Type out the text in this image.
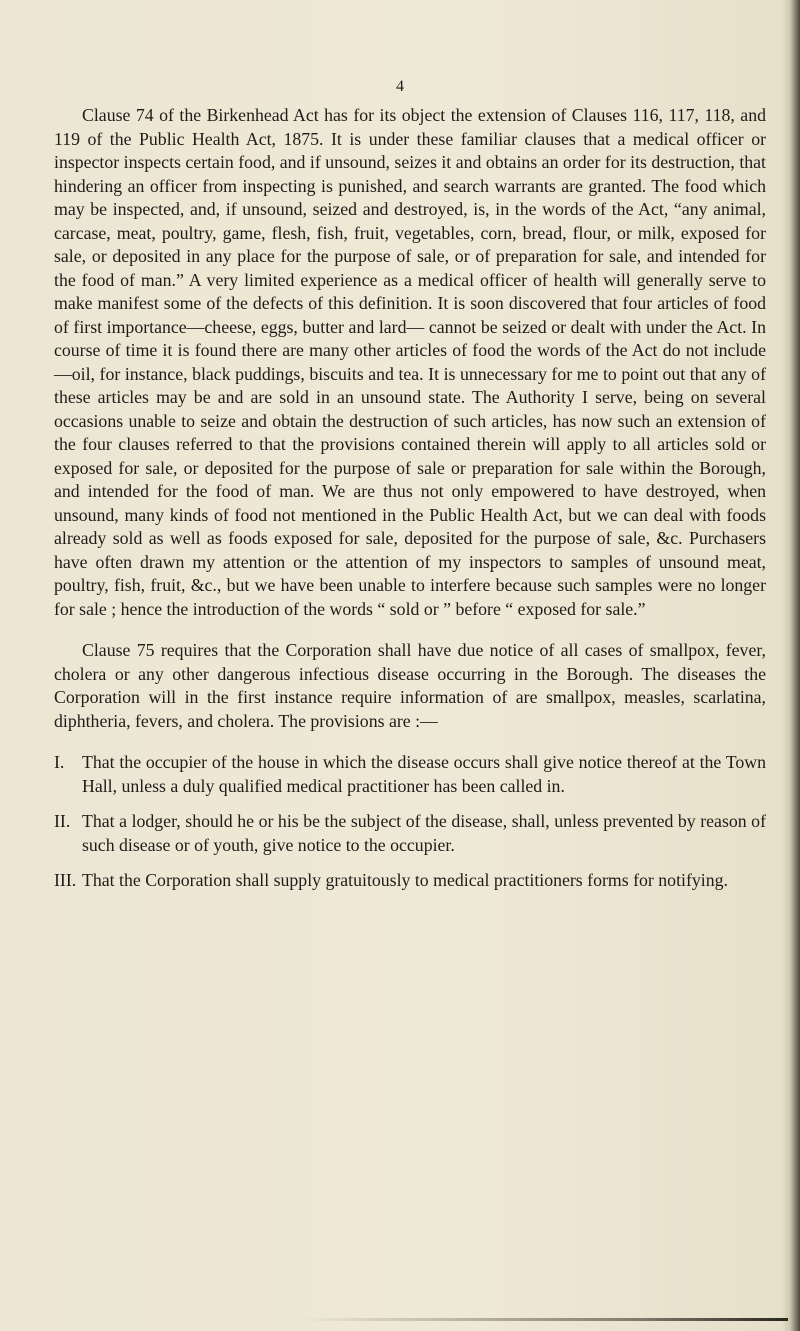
4

Clause 74 of the Birkenhead Act has for its object the extension of Clauses 116, 117, 118, and 119 of the Public Health Act, 1875. It is under these familiar clauses that a medical officer or inspector inspects certain food, and if unsound, seizes it and obtains an order for its destruction, that hindering an officer from inspecting is punished, and search warrants are granted. The food which may be inspected, and, if unsound, seized and destroyed, is, in the words of the Act, “any animal, carcase, meat, poultry, game, flesh, fish, fruit, vegetables, corn, bread, flour, or milk, exposed for sale, or deposited in any place for the purpose of sale, or of preparation for sale, and intended for the food of man.” A very limited experience as a medical officer of health will generally serve to make manifest some of the defects of this definition. It is soon discovered that four articles of food of first importance—cheese, eggs, butter and lard— cannot be seized or dealt with under the Act. In course of time it is found there are many other articles of food the words of the Act do not include—oil, for instance, black puddings, biscuits and tea. It is unnecessary for me to point out that any of these articles may be and are sold in an unsound state. The Authority I serve, being on several occasions unable to seize and obtain the destruction of such articles, has now such an extension of the four clauses referred to that the provisions contained therein will apply to all articles sold or exposed for sale, or deposited for the purpose of sale or preparation for sale within the Borough, and intended for the food of man. We are thus not only empowered to have destroyed, when unsound, many kinds of food not mentioned in the Public Health Act, but we can deal with foods already sold as well as foods exposed for sale, deposited for the purpose of sale, &c. Purchasers have often drawn my attention or the attention of my inspectors to samples of unsound meat, poultry, fish, fruit, &c., but we have been unable to interfere because such samples were no longer for sale ; hence the introduction of the words “ sold or ” before “ exposed for sale.”

Clause 75 requires that the Corporation shall have due notice of all cases of smallpox, fever, cholera or any other dangerous infectious disease occurring in the Borough. The diseases the Corporation will in the first instance require information of are smallpox, measles, scarlatina, diphtheria, fevers, and cholera. The provisions are :—

I. That the occupier of the house in which the disease occurs shall give notice thereof at the Town Hall, unless a duly qualified medical practitioner has been called in.
II. That a lodger, should he or his be the subject of the disease, shall, unless prevented by reason of such disease or of youth, give notice to the occupier.
III. That the Corporation shall supply gratuitously to medical practitioners forms for notifying.
